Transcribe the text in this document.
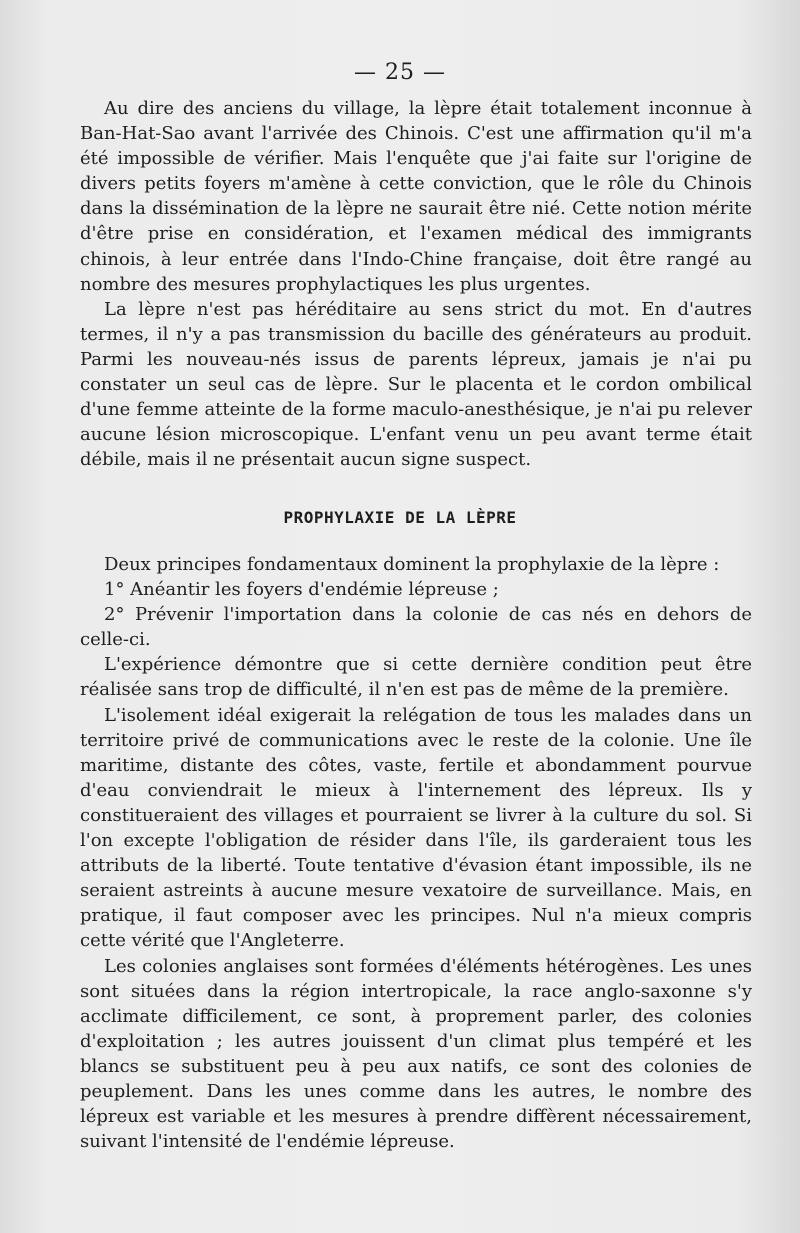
— 25 —

Au dire des anciens du village, la lèpre était totalement inconnue à Ban-Hat-Sao avant l'arrivée des Chinois. C'est une affirmation qu'il m'a été impossible de vérifier. Mais l'enquête que j'ai faite sur l'origine de divers petits foyers m'amène à cette conviction, que le rôle du Chinois dans la dissémination de la lèpre ne saurait être nié. Cette notion mérite d'être prise en considération, et l'examen médical des immigrants chinois, à leur entrée dans l'Indo-Chine française, doit être rangé au nombre des mesures prophylactiques les plus urgentes.

La lèpre n'est pas héréditaire au sens strict du mot. En d'autres termes, il n'y a pas transmission du bacille des générateurs au produit. Parmi les nouveau-nés issus de parents lépreux, jamais je n'ai pu constater un seul cas de lèpre. Sur le placenta et le cordon ombilical d'une femme atteinte de la forme maculo-anesthésique, je n'ai pu relever aucune lésion microscopique. L'enfant venu un peu avant terme était débile, mais il ne présentait aucun signe suspect.

PROPHYLAXIE DE LA LÈPRE

Deux principes fondamentaux dominent la prophylaxie de la lèpre :

1° Anéantir les foyers d'endémie lépreuse ;

2° Prévenir l'importation dans la colonie de cas nés en dehors de celle-ci.

L'expérience démontre que si cette dernière condition peut être réalisée sans trop de difficulté, il n'en est pas de même de la première.

L'isolement idéal exigerait la relégation de tous les malades dans un territoire privé de communications avec le reste de la colonie. Une île maritime, distante des côtes, vaste, fertile et abondamment pourvue d'eau conviendrait le mieux à l'internement des lépreux. Ils y constitueraient des villages et pourraient se livrer à la culture du sol. Si l'on excepte l'obligation de résider dans l'île, ils garderaient tous les attributs de la liberté. Toute tentative d'évasion étant impossible, ils ne seraient astreints à aucune mesure vexatoire de surveillance. Mais, en pratique, il faut composer avec les principes. Nul n'a mieux compris cette vérité que l'Angleterre.

Les colonies anglaises sont formées d'éléments hétérogènes. Les unes sont situées dans la région intertropicale, la race anglo-saxonne s'y acclimate difficilement, ce sont, à proprement parler, des colonies d'exploitation ; les autres jouissent d'un climat plus tempéré et les blancs se substituent peu à peu aux natifs, ce sont des colonies de peuplement. Dans les unes comme dans les autres, le nombre des lépreux est variable et les mesures à prendre diffèrent nécessairement, suivant l'intensité de l'endémie lépreuse.
